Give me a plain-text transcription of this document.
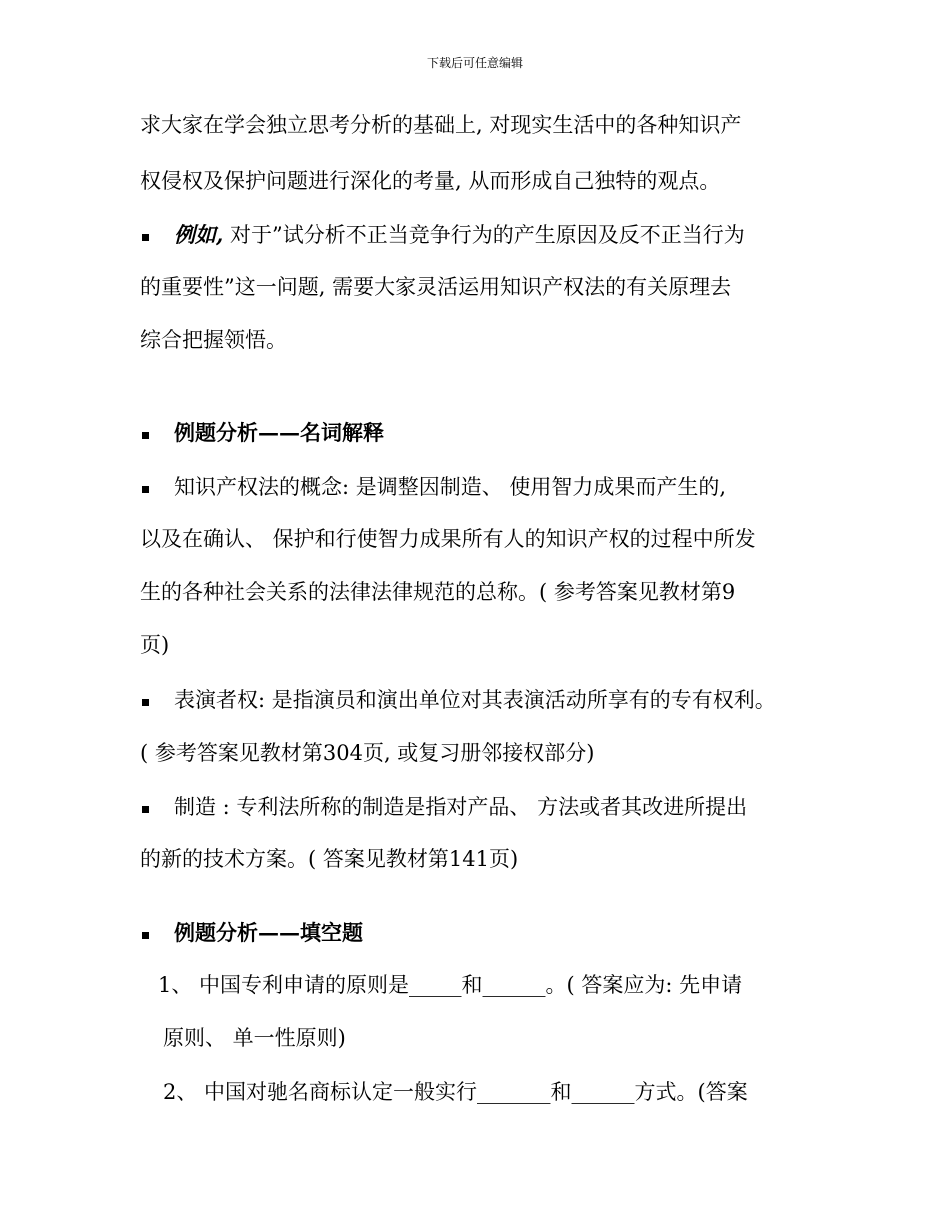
下载后可任意编辑
求大家在学会独立思考分析的基础上, 对现实生活中的各种知识产
权侵权及保护问题进行深化的考量, 从而形成自己独特的观点。
例如, 对于”试分析不正当竞争行为的产生原因及反不正当行为
的重要性”这一问题, 需要大家灵活运用知识产权法的有关原理去
综合把握领悟。
例题分析——名词解释
知识产权法的概念: 是调整因制造、 使用智力成果而产生的,
以及在确认、 保护和行使智力成果所有人的知识产权的过程中所发
生的各种社会关系的法律法律规范的总称。( 参考答案见教材第9
页)
表演者权: 是指演员和演出单位对其表演活动所享有的专有权利。
( 参考答案见教材第304页, 或复习册邻接权部分)
制造 : 专利法所称的制造是指对产品、 方法或者其改进所提出
的新的技术方案。( 答案见教材第141页)
例题分析——填空题
1、 中国专利申请的原则是_____和______。( 答案应为: 先申请
原则、 单一性原则)
2、 中国对驰名商标认定一般实行_______和______方式。(答案
